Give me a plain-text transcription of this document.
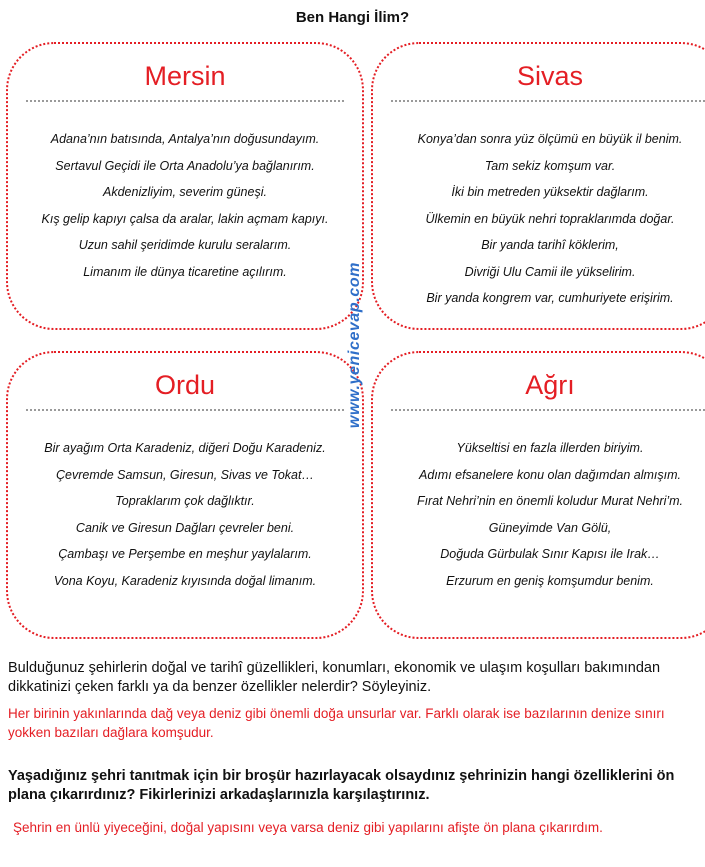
Ben Hangi İlim?
Mersin
Adana’nın batısında, Antalya’nın doğusundayım.
Sertavul Geçidi ile Orta Anadolu’ya bağlanırım.
Akdenizliyim, severim güneşi.
Kış gelip kapıyı çalsa da aralar, lakin açmam kapıyı.
Uzun sahil şeridimde kurulu seralarım.
Limanım ile dünya ticaretine açılırım.
Sivas
Konya’dan sonra yüz ölçümü en büyük il benim.
Tam sekiz komşum var.
İki bin metreden yüksektir dağlarım.
Ülkemin en büyük nehri topraklarımda doğar.
Bir yanda tarihî köklerim,
Divriği Ulu Camii ile yükselirim.
Bir yanda kongrem var, cumhuriyete erişirim.
Ordu
Bir ayağım Orta Karadeniz, diğeri Doğu Karadeniz.
Çevremde Samsun, Giresun, Sivas ve Tokat…
Topraklarım çok dağlıktır.
Canik ve Giresun Dağları çevreler beni.
Çambaşı ve Perşembe en meşhur yaylalarım.
Vona Koyu, Karadeniz kıyısında doğal limanım.
Ağrı
Yükseltisi en fazla illerden biriyim.
Adımı efsanelere konu olan dağımdan almışım.
Fırat Nehri’nin en önemli koludur Murat Nehri’m.
Güneyimde Van Gölü,
Doğuda Gürbulak Sınır Kapısı ile Irak…
Erzurum en geniş komşumdur benim.
www.yenicevap.com
Bulduğunuz şehirlerin doğal ve tarihî güzellikleri, konumları, ekonomik ve ulaşım koşulları bakımından dikkatinizi çeken farklı ya da benzer özellikler nelerdir? Söyleyiniz.
Her birinin yakınlarında dağ veya deniz gibi önemli doğa unsurlar var. Farklı olarak ise bazılarının denize sınırı yokken bazıları dağlara komşudur.
Yaşadığınız şehri tanıtmak için bir broşür hazırlayacak olsaydınız şehrinizin hangi özelliklerini ön plana çıkarırdınız? Fikirlerinizi arkadaşlarınızla karşılaştırınız.
Şehrin en ünlü yiyeceğini, doğal yapısını veya varsa deniz gibi yapılarını afişte ön plana çıkarırdım.
